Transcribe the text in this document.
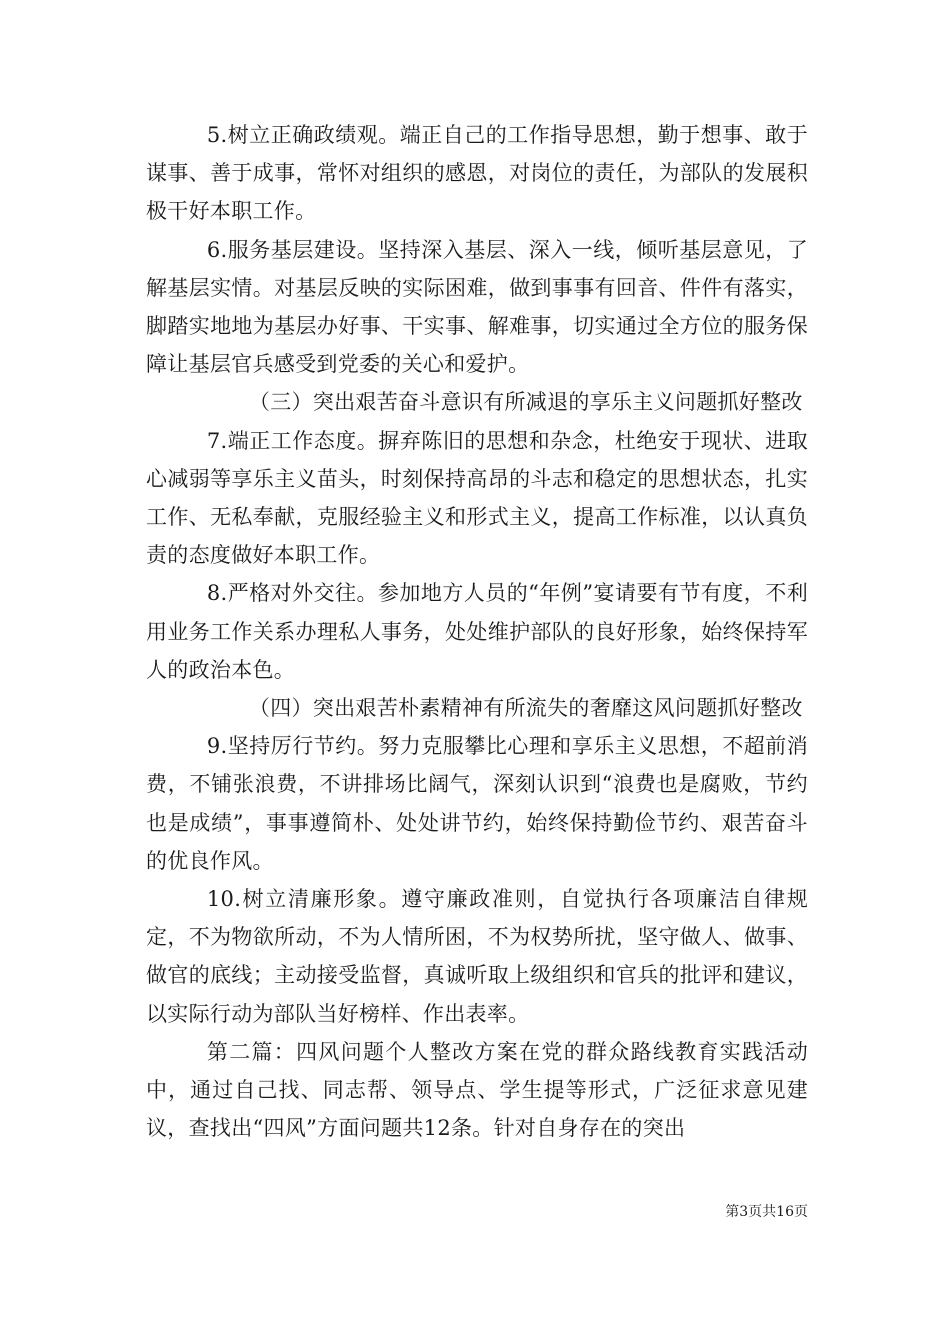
5.树立正确政绩观。端正自己的工作指导思想，勤于想事、敢于谋事、善于成事，常怀对组织的感恩，对岗位的责任，为部队的发展积极干好本职工作。

6.服务基层建设。坚持深入基层、深入一线，倾听基层意见，了解基层实情。对基层反映的实际困难，做到事事有回音、件件有落实，脚踏实地地为基层办好事、干实事、解难事，切实通过全方位的服务保障让基层官兵感受到党委的关心和爱护。

（三）突出艰苦奋斗意识有所减退的享乐主义问题抓好整改

7.端正工作态度。摒弃陈旧的思想和杂念，杜绝安于现状、进取心减弱等享乐主义苗头，时刻保持高昂的斗志和稳定的思想状态，扎实工作、无私奉献，克服经验主义和形式主义，提高工作标准，以认真负责的态度做好本职工作。

8.严格对外交往。参加地方人员的“年例”宴请要有节有度，不利用业务工作关系办理私人事务，处处维护部队的良好形象，始终保持军人的政治本色。

（四）突出艰苦朴素精神有所流失的奢靡这风问题抓好整改

9.坚持厉行节约。努力克服攀比心理和享乐主义思想，不超前消费，不铺张浪费，不讲排场比阔气，深刻认识到“浪费也是腐败，节约也是成绩”，事事遵简朴、处处讲节约，始终保持勤俭节约、艰苦奋斗的优良作风。

10.树立清廉形象。遵守廉政准则，自觉执行各项廉洁自律规定，不为物欲所动，不为人情所困，不为权势所扰，坚守做人、做事、做官的底线；主动接受监督，真诚听取上级组织和官兵的批评和建议，以实际行动为部队当好榜样、作出表率。

第二篇：四风问题个人整改方案在党的群众路线教育实践活动中，通过自己找、同志帮、领导点、学生提等形式，广泛征求意见建议，查找出“四风”方面问题共12条。针对自身存在的突出

第3页共16页
